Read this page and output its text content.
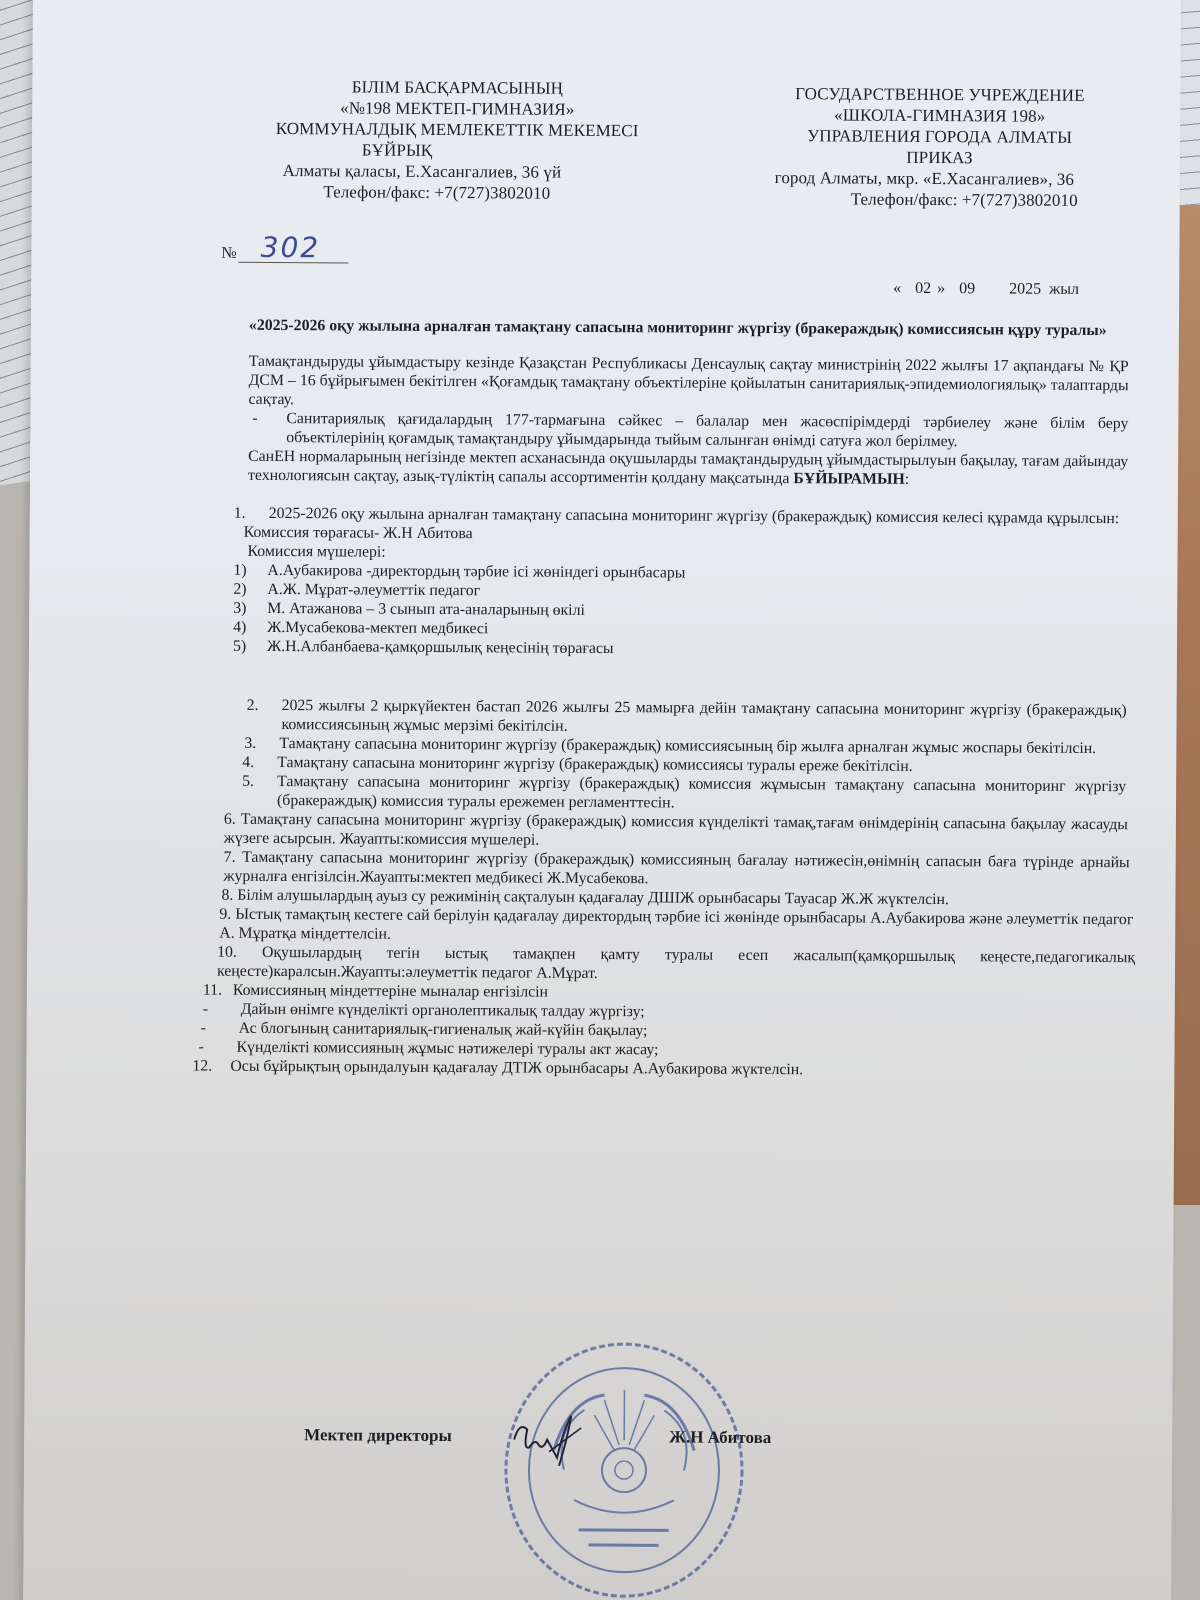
БІЛІМ БАСҚАРМАСЫНЫҢ
«№198 МЕКТЕП-ГИМНАЗИЯ»
КОММУНАЛДЫҚ МЕМЛЕКЕТТІК МЕКЕМЕСІ
БҰЙРЫҚ
Алматы қаласы, Е.Хасангалиев, 36 үй
Телефон/факс: +7(727)3802010
ГОСУДАРСТВЕННОЕ УЧРЕЖДЕНИЕ
«ШКОЛА-ГИМНАЗИЯ 198»
УПРАВЛЕНИЯ ГОРОДА АЛМАТЫ
ПРИКАЗ
город Алматы, мкр. «Е.Хасангалиев», 36
Телефон/факс: +7(727)3802010
№ 302
« 02 » 09 2025 жыл
«2025-2026 оқу жылына арналған тамақтану сапасына мониторинг жүргізу (бракераждық) комиссиясын құру туралы»
Тамақтандыруды ұйымдастыру кезінде Қазақстан Республикасы Денсаулық сақтау министрінің 2022 жылғы 17 ақпандағы № ҚР ДСМ – 16 бұйрығымен бекітілген «Қоғамдық тамақтану объектілеріне қойылатын санитариялық-эпидемиологиялық» талаптарды сақтау.
- Санитариялық қағидалардың 177-тармағына сәйкес – балалар мен жасөспірімдерді тәрбиелеу және білім беру объектілерінің қоғамдық тамақтандыру ұйымдарында тыйым салынған өнімді сатуға жол берілмеу.
СанЕН нормаларының негізінде мектеп асханасында оқушыларды тамақтандырудың ұйымдастырылуын бақылау, тағам дайындау технологиясын сақтау, азық-түліктің сапалы ассортиментін қолдану мақсатында БҰЙЫРАМЫН:
1. 2025-2026 оқу жылына арналған тамақтану сапасына мониторинг жүргізу (бракераждық) комиссия келесі құрамда құрылсын:
Комиссия төрағасы- Ж.Н Абитова
Комиссия мүшелері:
1) А.Аубакирова -директордың тәрбие ісі жөніндегі орынбасары
2) А.Ж. Мұрат-әлеуметтік педагог
3) М. Атажанова – 3 сынып ата-аналарының өкілі
4) Ж.Мусабекова-мектеп медбикесі
5) Ж.Н.Албанбаева-қамқоршылық кеңесінің төрағасы
2. 2025 жылғы 2 қыркүйектен бастап 2026 жылғы 25 мамырға дейін тамақтану сапасына мониторинг жүргізу (бракераждық) комиссиясының жұмыс мерзімі бекітілсін.
3. Тамақтану сапасына мониторинг жүргізу (бракераждық) комиссиясының бір жылға арналған жұмыс жоспары бекітілсін.
4. Тамақтану сапасына мониторинг жүргізу (бракераждық) комиссиясы туралы ереже бекітілсін.
5. Тамақтану сапасына мониторинг жүргізу (бракераждық) комиссия жұмысын тамақтану сапасына мониторинг жүргізу (бракераждық) комиссия туралы ережемен регламенттесін.
6. Тамақтану сапасына мониторинг жүргізу (бракераждық) комиссия күнделікті тамақ,тағам өнімдерінің сапасына бақылау жасауды жүзеге асырсын. Жауапты:комиссия мүшелері.
7. Тамақтану сапасына мониторинг жүргізу (бракераждық) комиссияның бағалау нәтижесін,өнімнің сапасын баға түрінде арнайы журналға енгізілсін.Жауапты:мектеп медбикесі Ж.Мусабекова.
8. Білім алушылардың ауыз су режимінің сақталуын қадағалау ДШІЖ орынбасары Тауасар Ж.Ж жүктелсін.
9. Ыстық тамақтың кестеге сай берілуін қадағалау директордың тәрбие ісі жөнінде орынбасары А.Аубакирова және әлеуметтік педагог А. Мұратқа міндеттелсін.
10. Оқушылардың тегін ыстық тамақпен қамту туралы есеп жасалып(қамқоршылық кеңесте,педагогикалық кеңесте)каралсын.Жауапты:әлеуметтік педагог А.Мұрат.
11. Комиссияның міндеттеріне мыналар енгізілсін
- Дайын өнімге күнделікті органолептикалық талдау жүргізу;
- Ас блогының санитариялық-гигиеналық жай-күйін бақылау;
- Күнделікті комиссияның жұмыс нәтижелері туралы акт жасау;
12. Осы бұйрықтың орындалуын қадағалау ДТІЖ орынбасары А.Аубакирова жүктелсін.
Мектеп директоры	Ж.Н Абитова
